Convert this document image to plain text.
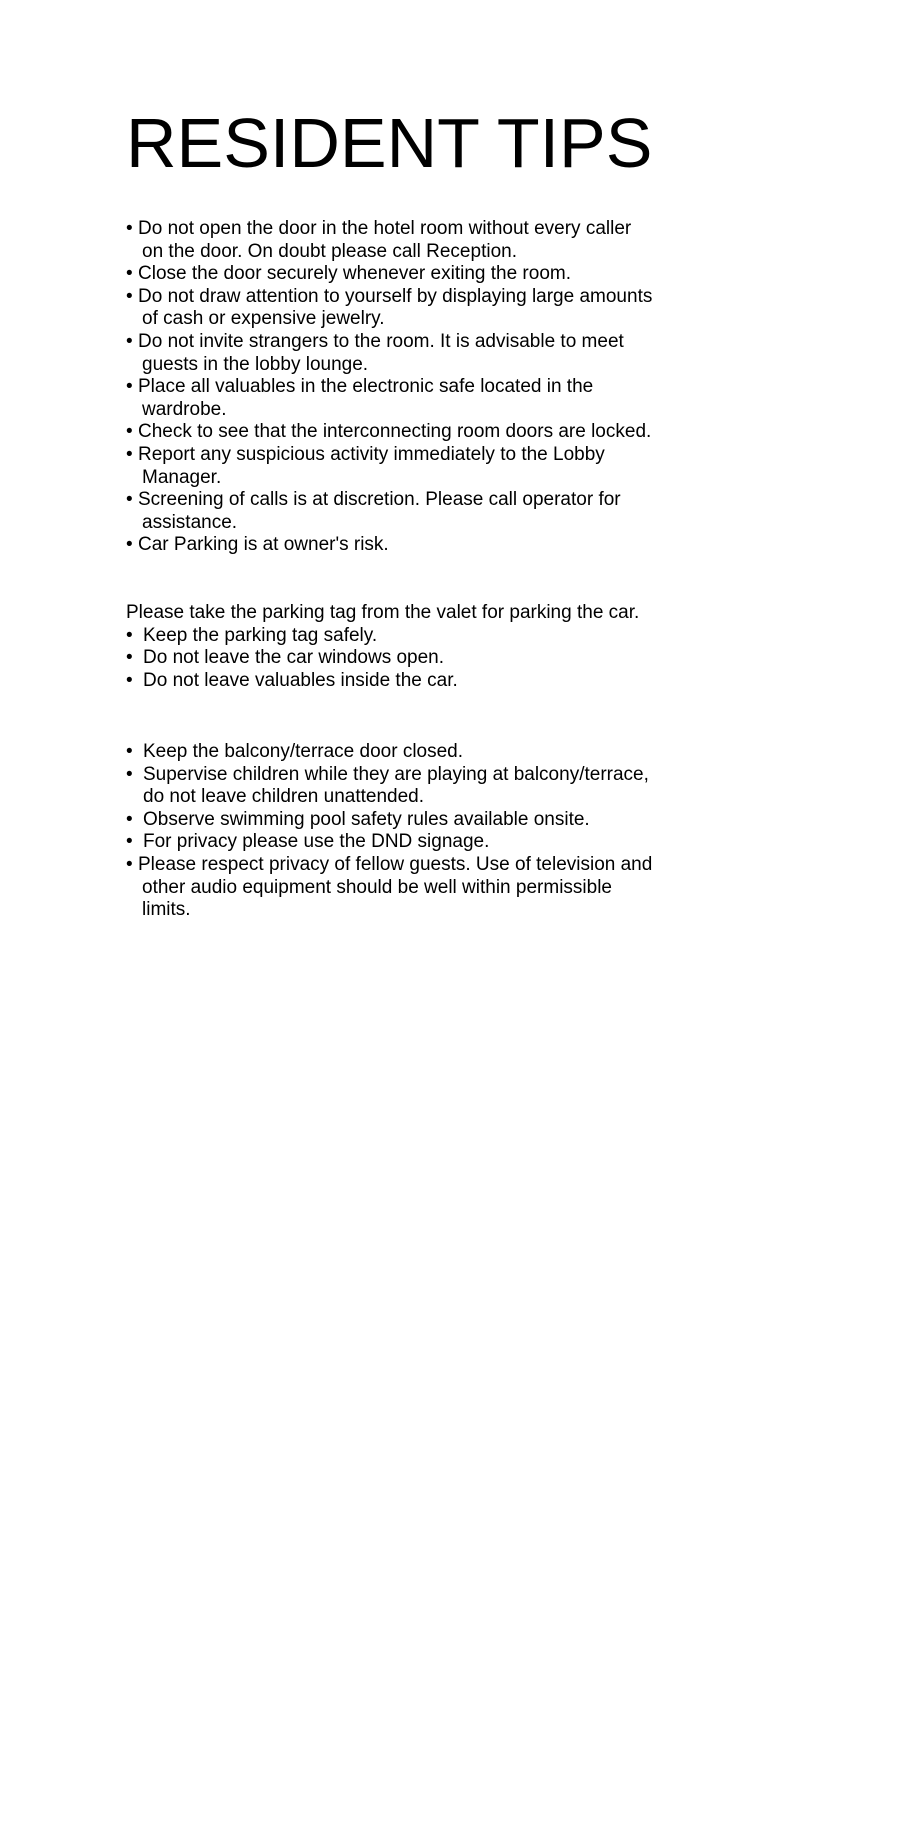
RESIDENT TIPS
• Do not open the door in the hotel room without every caller
on the door. On doubt please call Reception.
• Close the door securely whenever exiting the room.
• Do not draw attention to yourself by displaying large amounts
of cash or expensive jewelry.
• Do not invite strangers to the room. It is advisable to meet
guests in the lobby lounge.
• Place all valuables in the electronic safe located in the
wardrobe.
• Check to see that the interconnecting room doors are locked.
• Report any suspicious activity immediately to the Lobby
Manager.
• Screening of calls is at discretion. Please call operator for
assistance.
• Car Parking is at owner's risk.

Please take the parking tag from the valet for parking the car.

• Keep the parking tag safely.
• Do not leave the car windows open.
• Do not leave valuables inside the car.
• Keep the balcony/terrace door closed.
• Supervise children while they are playing at balcony/terrace,
do not leave children unattended.
• Observe swimming pool safety rules available onsite.
• For privacy please use the DND signage.
• Please respect privacy of fellow guests. Use of television and
other audio equipment should be well within permissible limits.
